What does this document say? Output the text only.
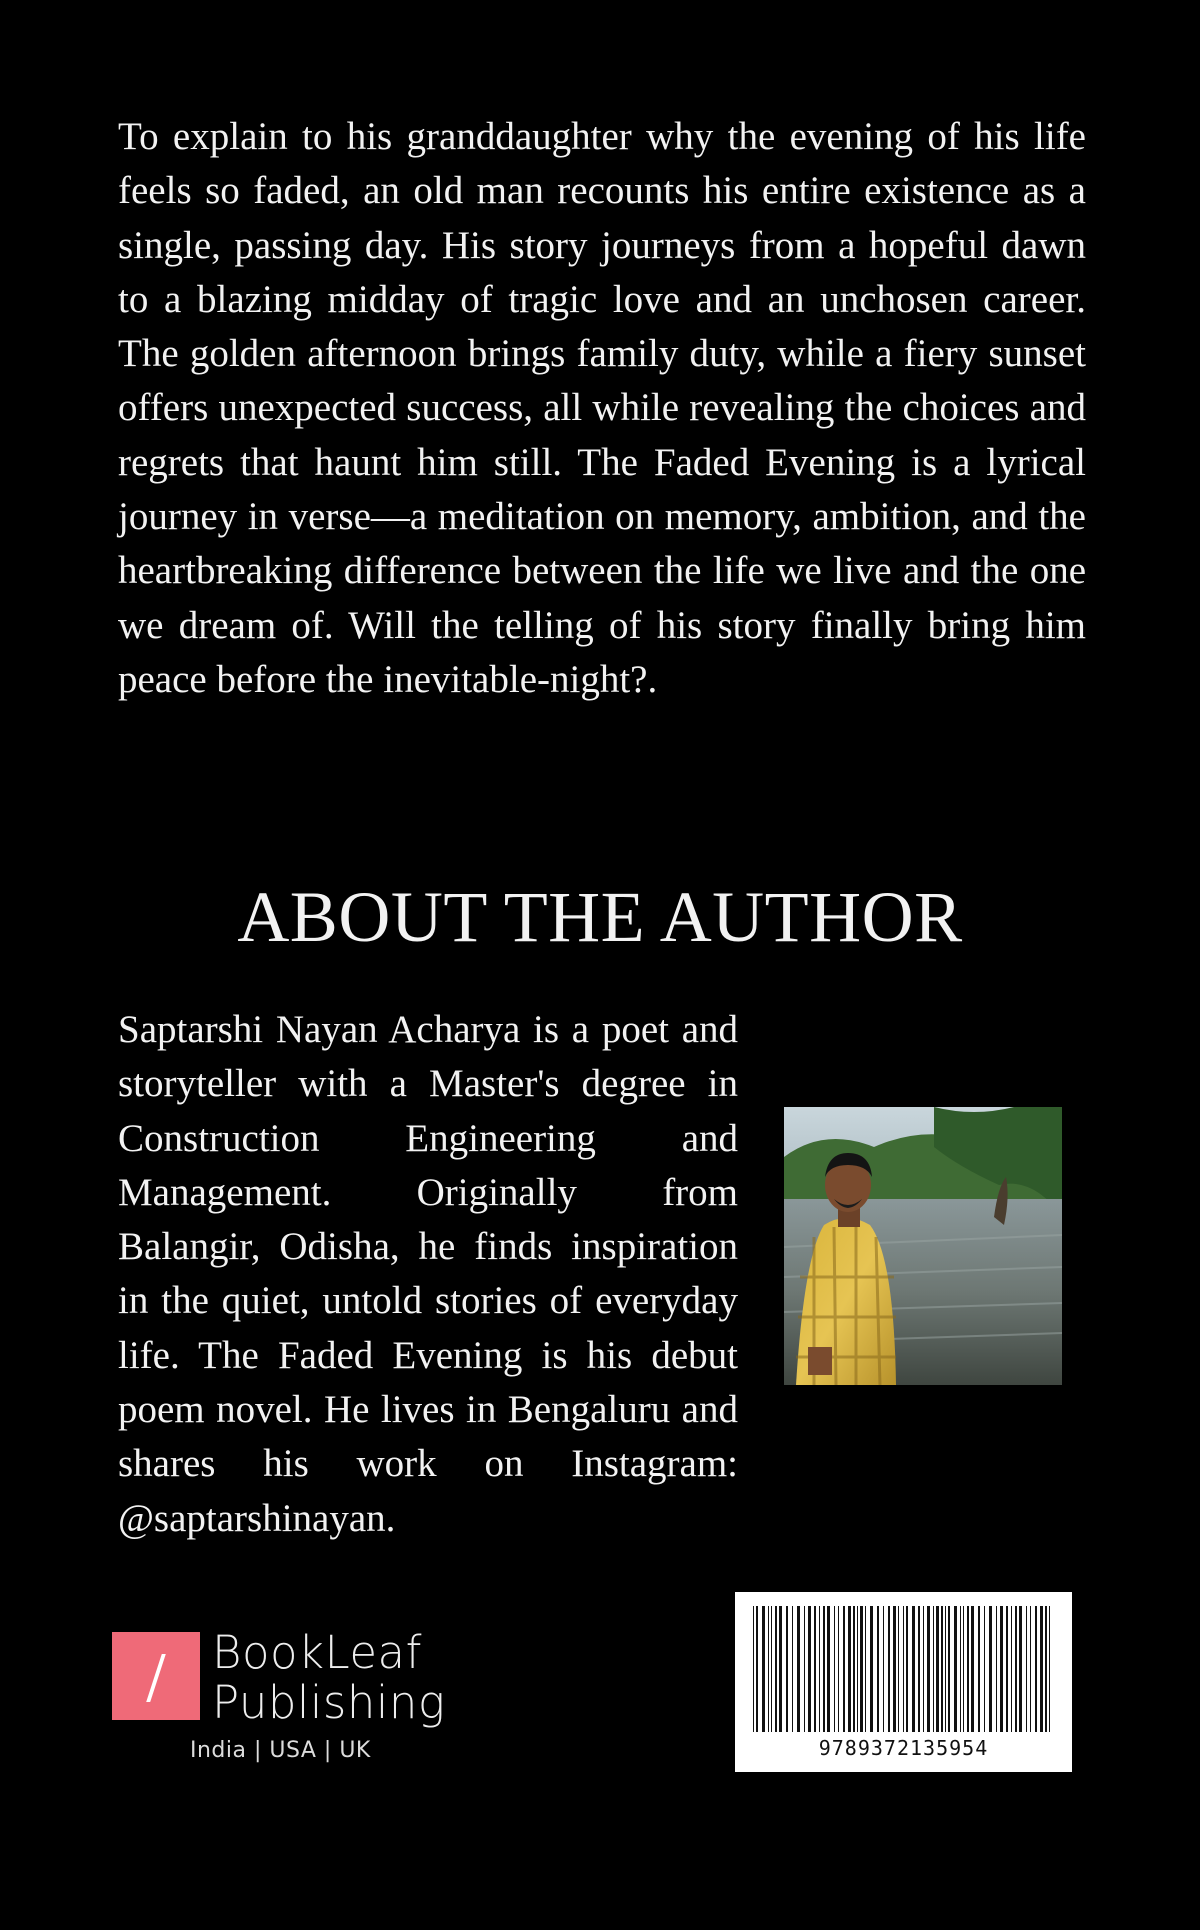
To explain to his granddaughter why the evening of his life feels so faded, an old man recounts his entire existence as a single, passing day. His story journeys from a hopeful dawn to a blazing midday of tragic love and an unchosen career. The golden afternoon brings family duty, while a fiery sunset offers unexpected success, all while revealing the choices and regrets that haunt him still. The Faded Evening is a lyrical journey in verse—a meditation on memory, ambition, and the heartbreaking difference between the life we live and the one we dream of. Will the telling of his story finally bring him peace before the inevitable-night?.

ABOUT THE AUTHOR

Saptarshi Nayan Acharya is a poet and storyteller with a Master's degree in Construction Engineering and Management. Originally from Balangir, Odisha, he finds inspiration in the quiet, untold stories of everyday life. The Faded Evening is his debut poem novel. He lives in Bengaluru and shares his work on Instagram: @saptarshinayan.

BookLeaf
Publishing
India | USA | UK	9789372135954
